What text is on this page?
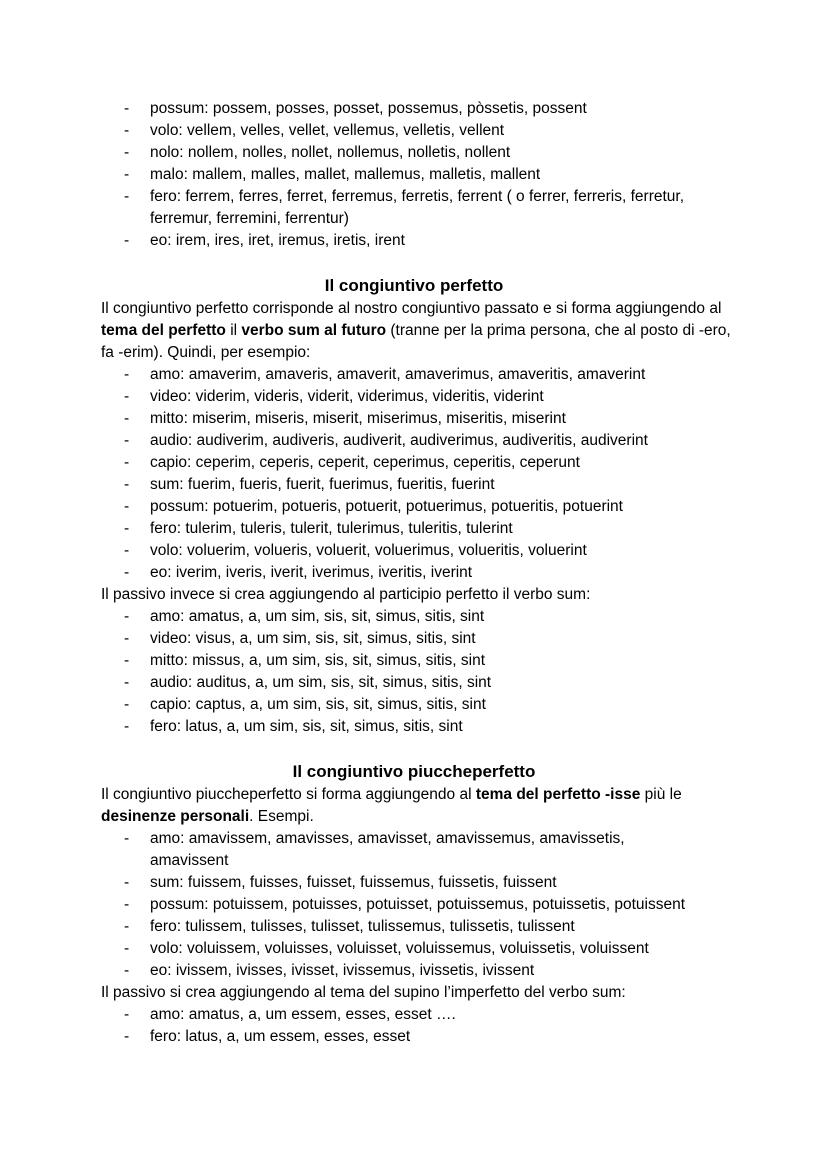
- possum: possem, posses, posset, possemus, pòssetis, possent
- volo: vellem, velles, vellet, vellemus, velletis, vellent
- nolo: nollem, nolles, nollet, nollemus, nolletis, nollent
- malo: mallem, malles, mallet, mallemus, malletis, mallent
- fero: ferrem, ferres, ferret, ferremus, ferretis, ferrent ( o ferrer, ferreris, ferretur, ferremur, ferremini, ferrentur)
- eo: irem, ires, iret, iremus, iretis, irent
Il congiuntivo perfetto

Il congiuntivo perfetto corrisponde al nostro congiuntivo passato e si forma aggiungendo al tema del perfetto il verbo sum al futuro (tranne per la prima persona, che al posto di -ero, fa -erim). Quindi, per esempio:

- amo: amaverim, amaveris, amaverit, amaverimus, amaveritis, amaverint
- video: viderim, videris, viderit, viderimus, videritis, viderint
- mitto: miserim, miseris, miserit, miserimus, miseritis, miserint
- audio: audiverim, audiveris, audiverit, audiverimus, audiveritis, audiverint
- capio: ceperim, ceperis, ceperit, ceperimus, ceperitis, ceperunt
- sum: fuerim, fueris, fuerit, fuerimus, fueritis, fuerint
- possum: potuerim, potueris, potuerit, potuerimus, potueritis, potuerint
- fero: tulerim, tuleris, tulerit, tulerimus, tuleritis, tulerint
- volo: voluerim, volueris, voluerit, voluerimus, volueritis, voluerint
- eo: iverim, iveris, iverit, iverimus, iveritis, iverint

Il passivo invece si crea aggiungendo al participio perfetto il verbo sum:

- amo: amatus, a, um sim, sis, sit, simus, sitis, sint
- video: visus, a, um sim, sis, sit, simus, sitis, sint
- mitto: missus, a, um sim, sis, sit, simus, sitis, sint
- audio: auditus, a, um sim, sis, sit, simus, sitis, sint
- capio: captus, a, um sim, sis, sit, simus, sitis, sint
- fero: latus, a, um sim, sis, sit, simus, sitis, sint
Il congiuntivo piuccheperfetto

Il congiuntivo piuccheperfetto si forma aggiungendo al tema del perfetto -isse più le desinenze personali. Esempi.

- amo: amavissem, amavisses, amavisset, amavissemus, amavissetis, amavissent
- sum: fuissem, fuisses, fuisset, fuissemus, fuissetis, fuissent
- possum: potuissem, potuisses, potuisset, potuissemus, potuissetis, potuissent
- fero: tulissem, tulisses, tulisset, tulissemus, tulissetis, tulissent
- volo: voluissem, voluisses, voluisset, voluissemus, voluissetis, voluissent
- eo: ivissem, ivisses, ivisset, ivissemus, ivissetis, ivissent

Il passivo si crea aggiungendo al tema del supino l’imperfetto del verbo sum:

- amo: amatus, a, um essem, esses, esset ….
- fero: latus, a, um essem, esses, esset
